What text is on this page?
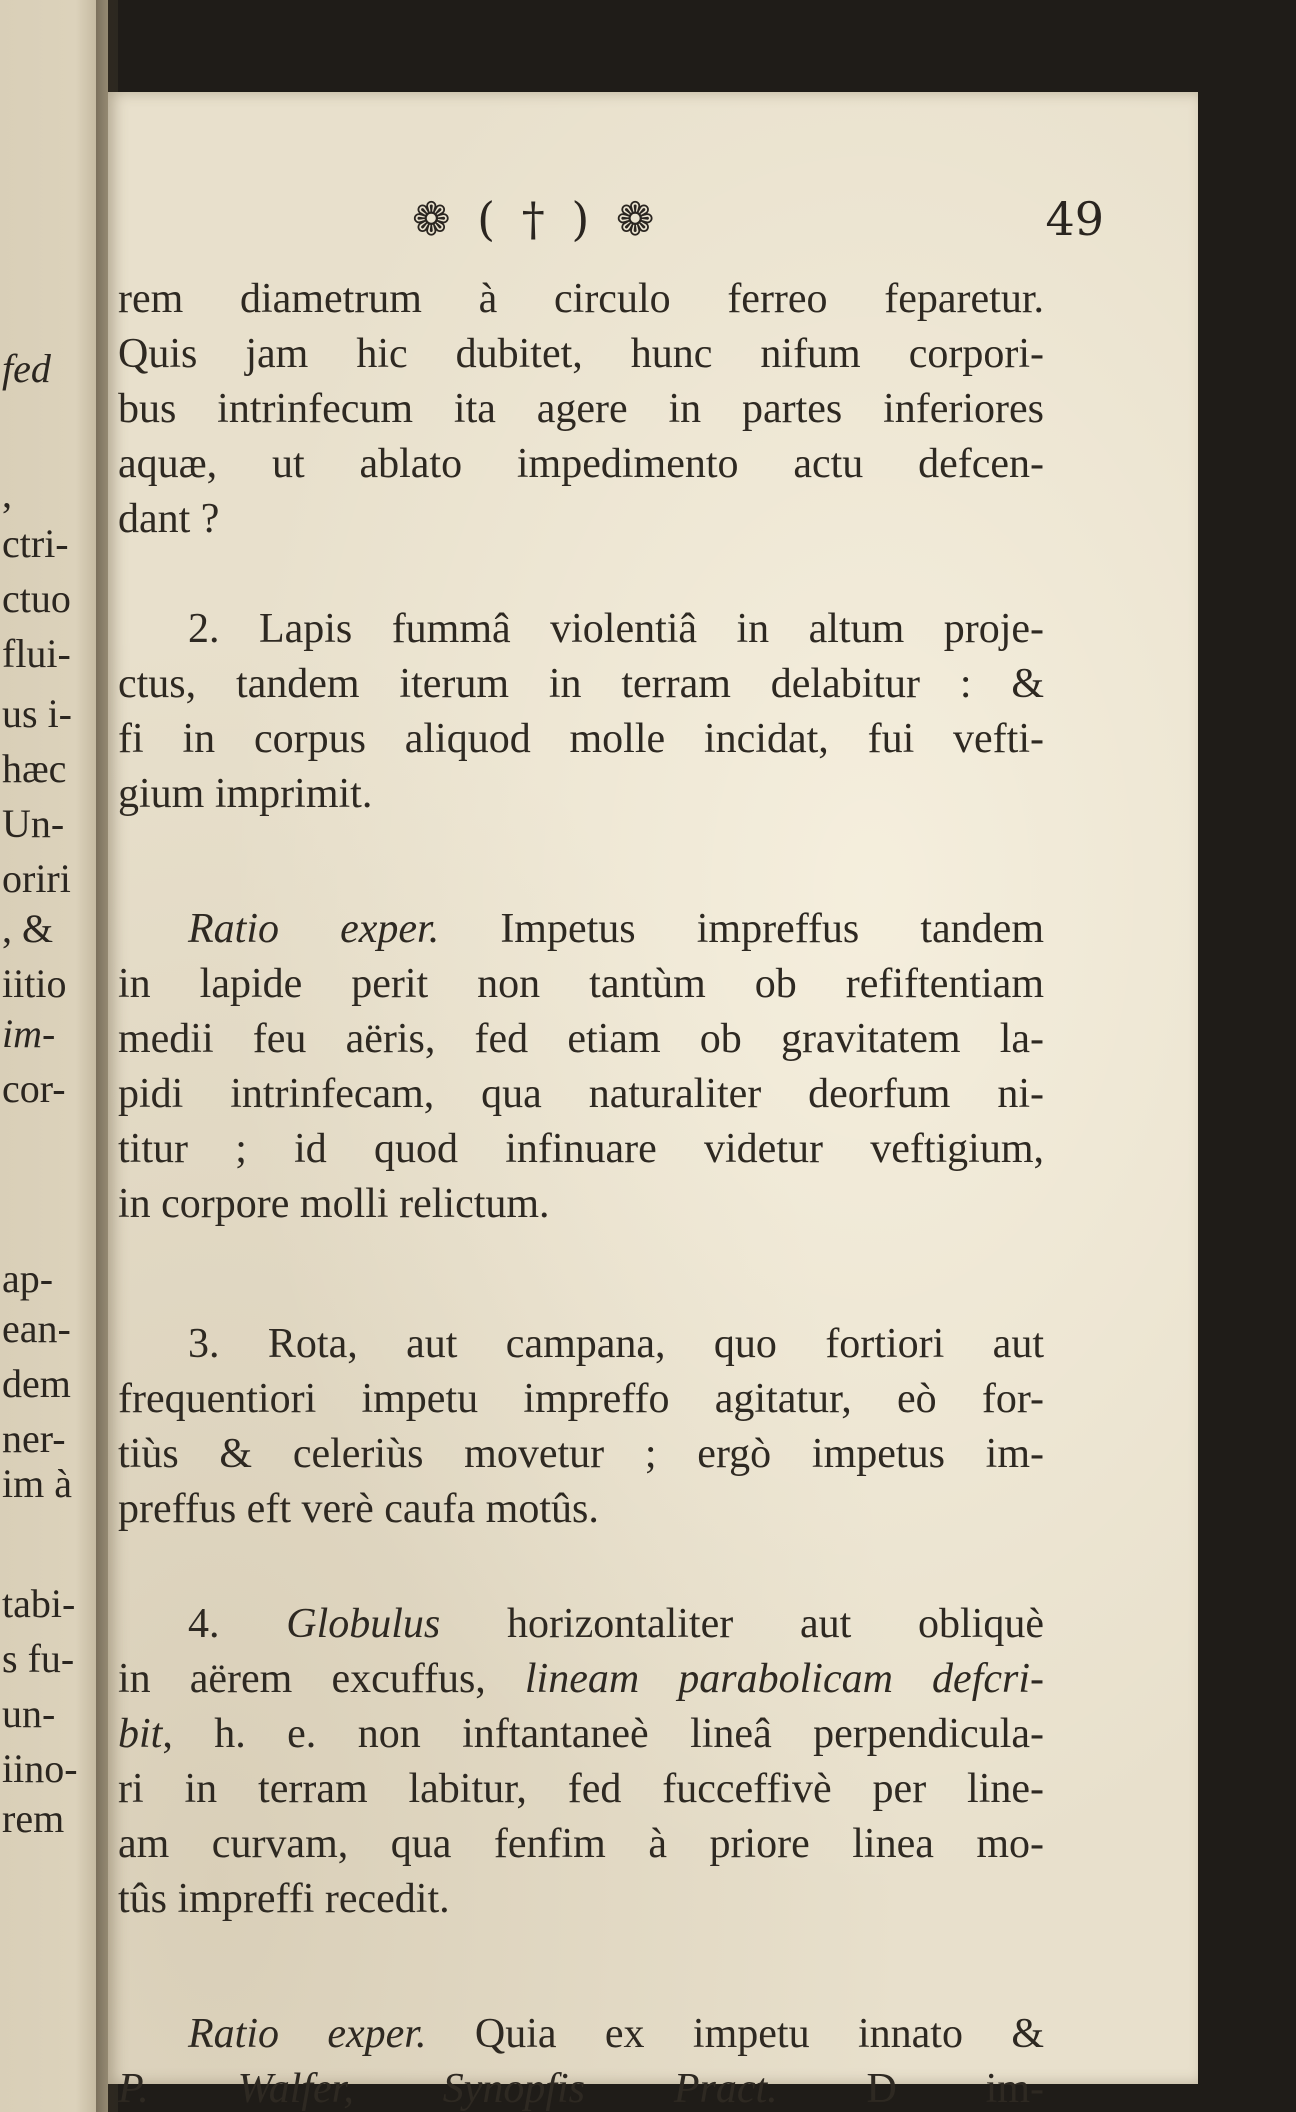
fed
,
ctri-
ctuo
flui-
us i-
hæc
Un-
oriri
, &
iitio
im-
cor-
ap-
ean-
dem
ner-
im à
tabi-
s fu-
un-
iino-
rem
❁ ( † ) ❁	49
rem diametrum à circulo ferreo feparetur.
Quis jam hic dubitet, hunc nifum corpori-
bus intrinfecum ita agere in partes inferiores
aquæ, ut ablato impedimento actu defcen-
dant ?
2. Lapis fummâ violentiâ in altum proje-
ctus, tandem iterum in terram delabitur : &
fi in corpus aliquod molle incidat, fui vefti-
gium imprimit.
Ratio exper. Impetus impreffus tandem
in lapide perit non tantùm ob refiftentiam
medii feu aëris, fed etiam ob gravitatem la-
pidi intrinfecam, qua naturaliter deorfum ni-
titur ; id quod infinuare videtur veftigium,
in corpore molli relictum.
3. Rota, aut campana, quo fortiori aut
frequentiori impetu impreffo agitatur, eò for-
tiùs & celeriùs movetur ; ergò impetus im-
preffus eft verè caufa motûs.
4. Globulus horizontaliter aut obliquè
in aërem excuffus, lineam parabolicam defcri-
bit, h. e. non inftantaneè lineâ perpendicula-
ri in terram labitur, fed fucceffivè per line-
am curvam, qua fenfim à priore linea mo-
tûs impreffi recedit.
Ratio exper. Quia ex impetu innato &
P. Walfer, Synopfis Pract. D im-
